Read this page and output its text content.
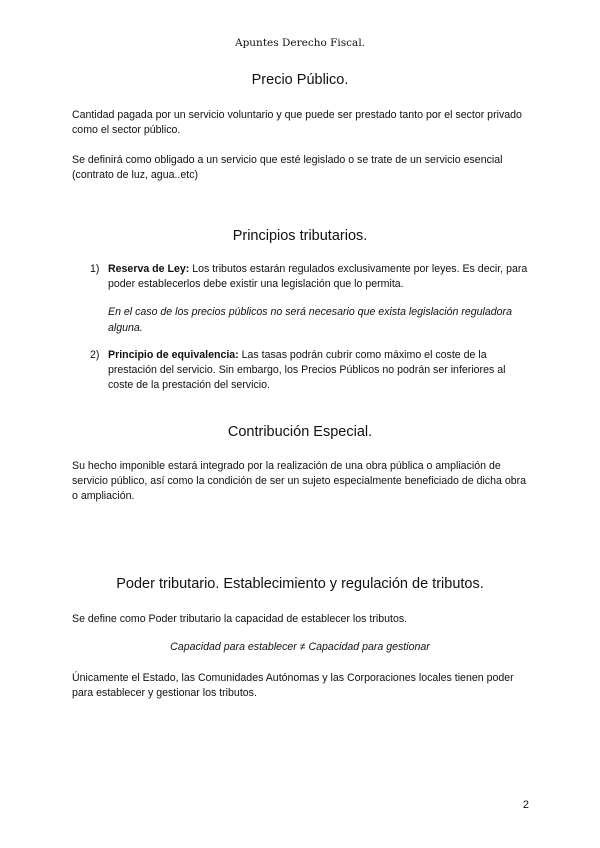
Apuntes Derecho Fiscal.
Precio Público.

Cantidad pagada por un servicio voluntario y que puede ser prestado tanto por el sector privado como el sector público.

Se definirá como obligado a un servicio que esté legislado o se trate de un servicio esencial (contrato de luz, agua..etc)

Principios tributarios.
1) Reserva de Ley: Los tributos estarán regulados exclusivamente por leyes. Es decir, para poder establecerlos debe existir una legislación que lo permita.

En el caso de los precios públicos no será necesario que exista legislación reguladora alguna.

2) Principio de equivalencia: Las tasas podrán cubrir como máximo el coste de la prestación del servicio. Sin embargo, los Precios Públicos no podrán ser inferiores al coste de la prestación del servicio.
Contribución Especial.

Su hecho imponible estará integrado por la realización de una obra pública o ampliación de servicio público, así como la condición de ser un sujeto especialmente beneficiado de dicha obra o ampliación.

Poder tributario. Establecimiento y regulación de tributos.

Se define como Poder tributario la capacidad de establecer los tributos.

Capacidad para establecer ≠ Capacidad para gestionar

Únicamente el Estado, las Comunidades Autónomas y las Corporaciones locales tienen poder para establecer y gestionar los tributos.

2
